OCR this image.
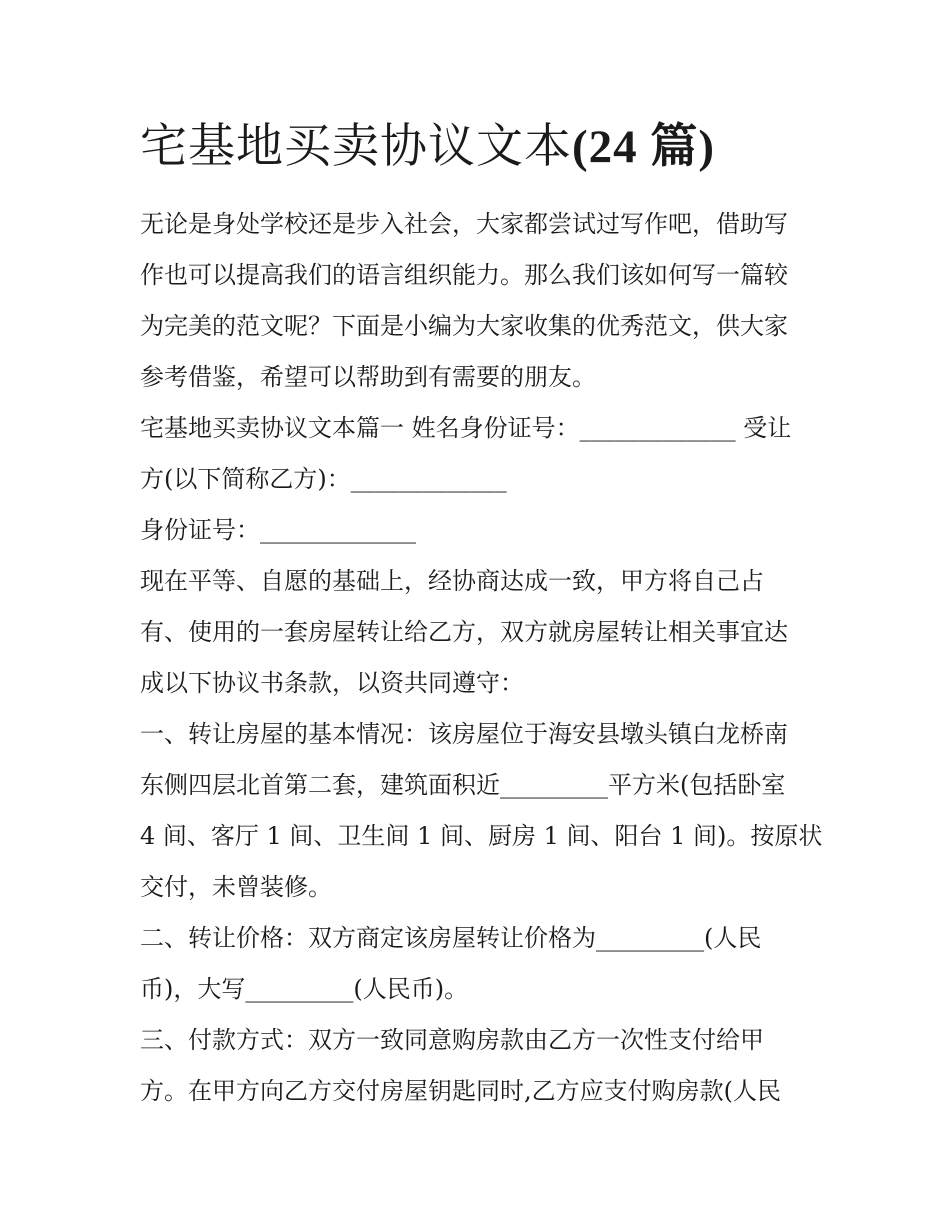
宅基地买卖协议文本(24 篇)
无论是身处学校还是步入社会，大家都尝试过写作吧，借助写
作也可以提高我们的语言组织能力。那么我们该如何写一篇较
为完美的范文呢？下面是小编为大家收集的优秀范文，供大家
参考借鉴，希望可以帮助到有需要的朋友。
宅基地买卖协议文本篇一 姓名身份证号：_____________ 受让
方(以下简称乙方)：_____________
身份证号：_____________
现在平等、自愿的基础上，经协商达成一致，甲方将自己占
有、使用的一套房屋转让给乙方，双方就房屋转让相关事宜达
成以下协议书条款，以资共同遵守：
一、转让房屋的基本情况：该房屋位于海安县墩头镇白龙桥南
东侧四层北首第二套，建筑面积近_________平方米(包括卧室
4 间、客厅 1 间、卫生间 1 间、厨房 1 间、阳台 1 间)。按原状
交付，未曾装修。
二、转让价格：双方商定该房屋转让价格为_________(人民
币)，大写_________(人民币)。
三、付款方式：双方一致同意购房款由乙方一次性支付给甲
方。在甲方向乙方交付房屋钥匙同时,乙方应支付购房款(人民
